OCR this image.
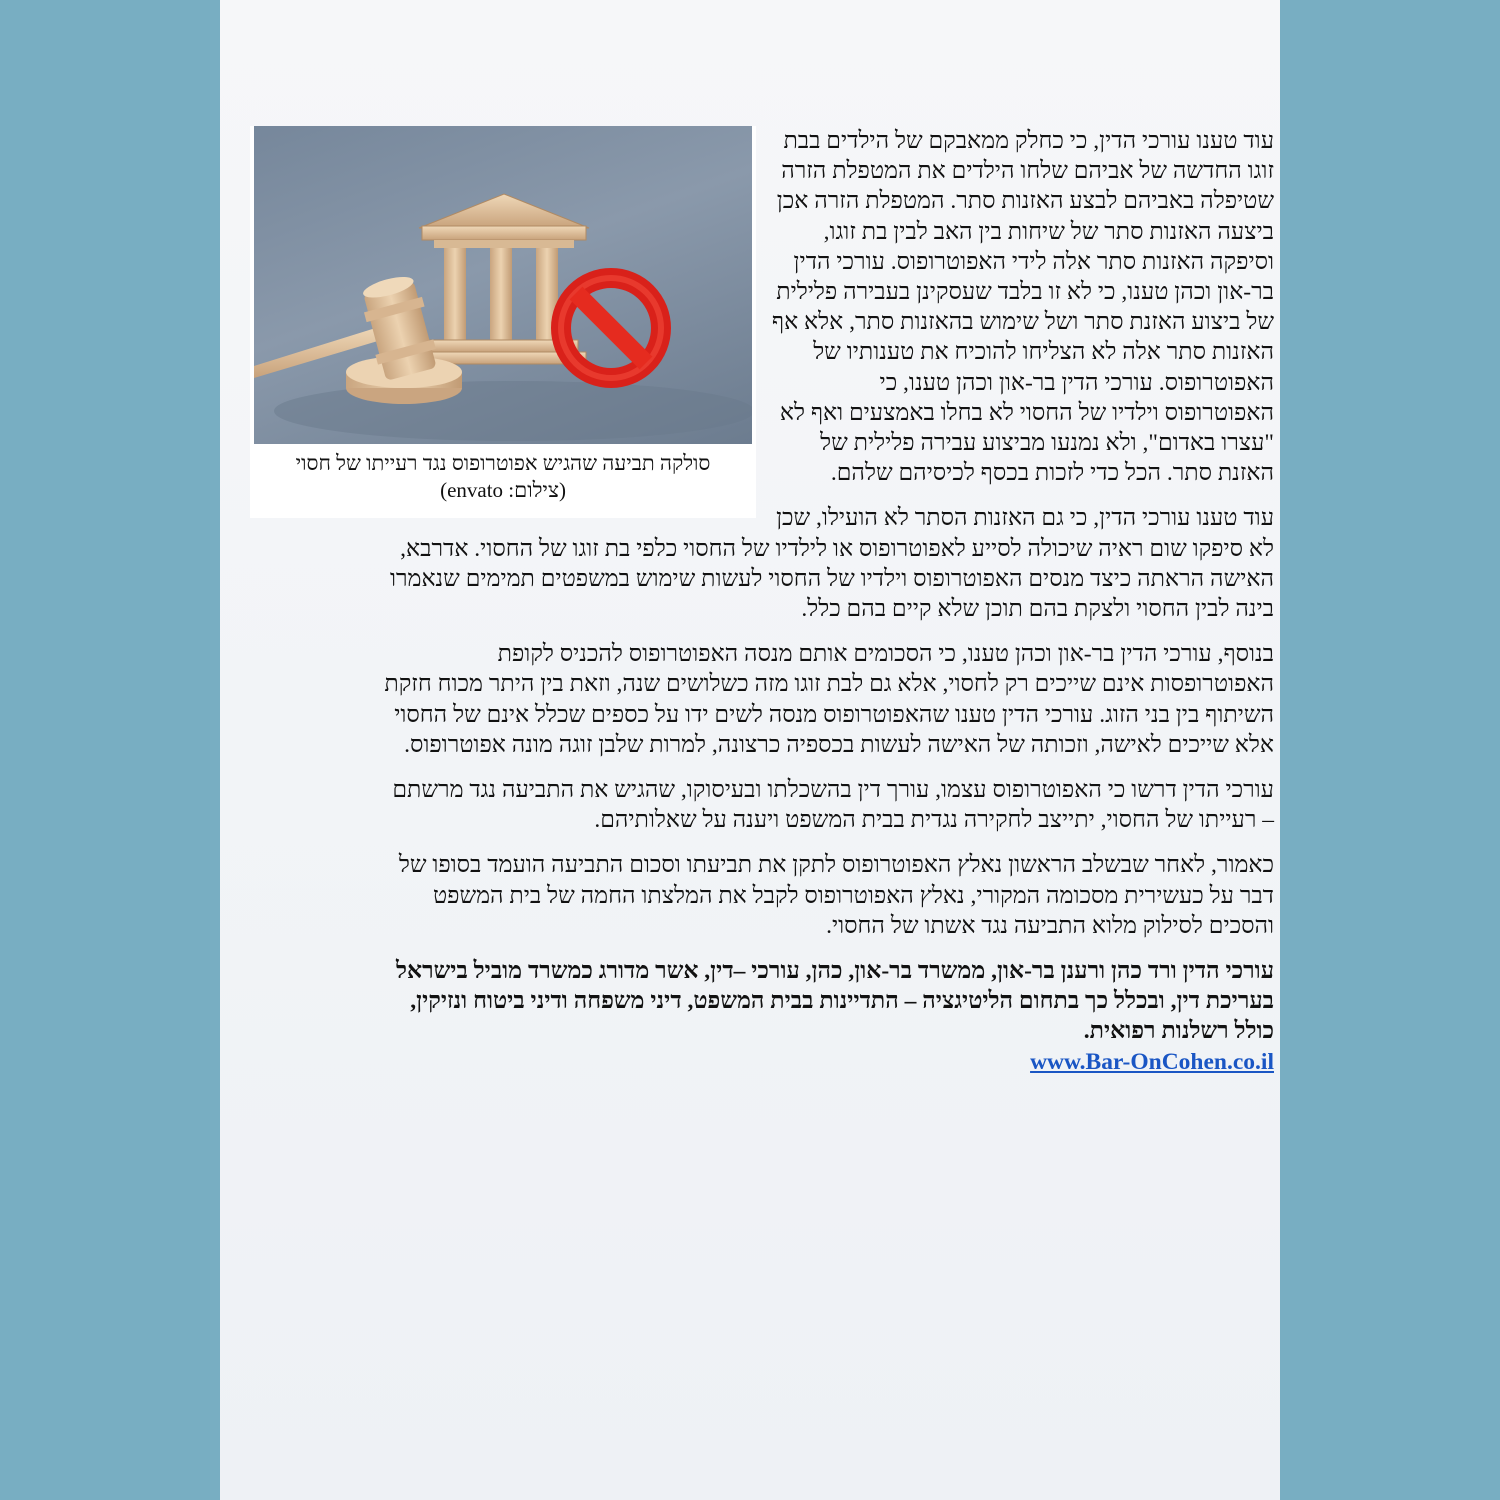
סולקה תביעה שהגיש אפוטרופוס נגד רעייתו של חסוי
(צילום: envato)

עוד טענו עורכי הדין, כי כחלק ממאבקם של הילדים בבת זוגו החדשה של אביהם שלחו הילדים את המטפלת הזרה שטיפלה באביהם לבצע האזנות סתר. המטפלת הזרה אכן ביצעה האזנות סתר של שיחות בין האב לבין בת זוגו, וסיפקה האזנות סתר אלה לידי האפוטרופוס. עורכי הדין בר-און וכהן טענו, כי לא זו בלבד שעסקינן בעבירה פלילית של ביצוע האזנת סתר ושל שימוש בהאזנות סתר, אלא אף האזנות סתר אלה לא הצליחו להוכיח את טענותיו של האפוטרופוס. עורכי הדין בר-און וכהן טענו, כי האפוטרופוס וילדיו של החסוי לא בחלו באמצעים ואף לא "עצרו באדום", ולא נמנעו מביצוע עבירה פלילית של האזנת סתר. הכל כדי לזכות בכסף לכיסיהם שלהם.

עוד טענו עורכי הדין, כי גם האזנות הסתר לא הועילו, שכן לא סיפקו שום ראיה שיכולה לסייע לאפוטרופוס או לילדיו של החסוי כלפי בת זוגו של החסוי. אדרבא, האישה הראתה כיצד מנסים האפוטרופוס וילדיו של החסוי לעשות שימוש במשפטים תמימים שנאמרו בינה לבין החסוי ולצקת בהם תוכן שלא קיים בהם כלל.

בנוסף, עורכי הדין בר-און וכהן טענו, כי הסכומים אותם מנסה האפוטרופוס להכניס לקופת האפוטרופסות אינם שייכים רק לחסוי, אלא גם לבת זוגו מזה כשלושים שנה, וזאת בין היתר מכוח חזקת השיתוף בין בני הזוג. עורכי הדין טענו שהאפוטרופוס מנסה לשים ידו על כספים שכלל אינם של החסוי אלא שייכים לאישה, וזכותה של האישה לעשות בכספיה כרצונה, למרות שלבן זוגה מונה אפוטרופוס.

עורכי הדין דרשו כי האפוטרופוס עצמו, עורך דין בהשכלתו ובעיסוקו, שהגיש את התביעה נגד מרשתם – רעייתו של החסוי, יתייצב לחקירה נגדית בבית המשפט ויענה על שאלותיהם.

כאמור, לאחר שבשלב הראשון נאלץ האפוטרופוס לתקן את תביעתו וסכום התביעה הועמד בסופו של דבר על כעשירית מסכומה המקורי, נאלץ האפוטרופוס לקבל את המלצתו החמה של בית המשפט והסכים לסילוק מלוא התביעה נגד אשתו של החסוי.

עורכי הדין ורד כהן ורענן בר-און, ממשרד בר-און, כהן, עורכי –דין, אשר מדורג כמשרד מוביל בישראל בעריכת דין, ובכלל כך בתחום הליטיגציה – התדיינות בבית המשפט, דיני משפחה ודיני ביטוח ונזיקין, כולל רשלנות רפואית.
www.Bar-OnCohen.co.il
